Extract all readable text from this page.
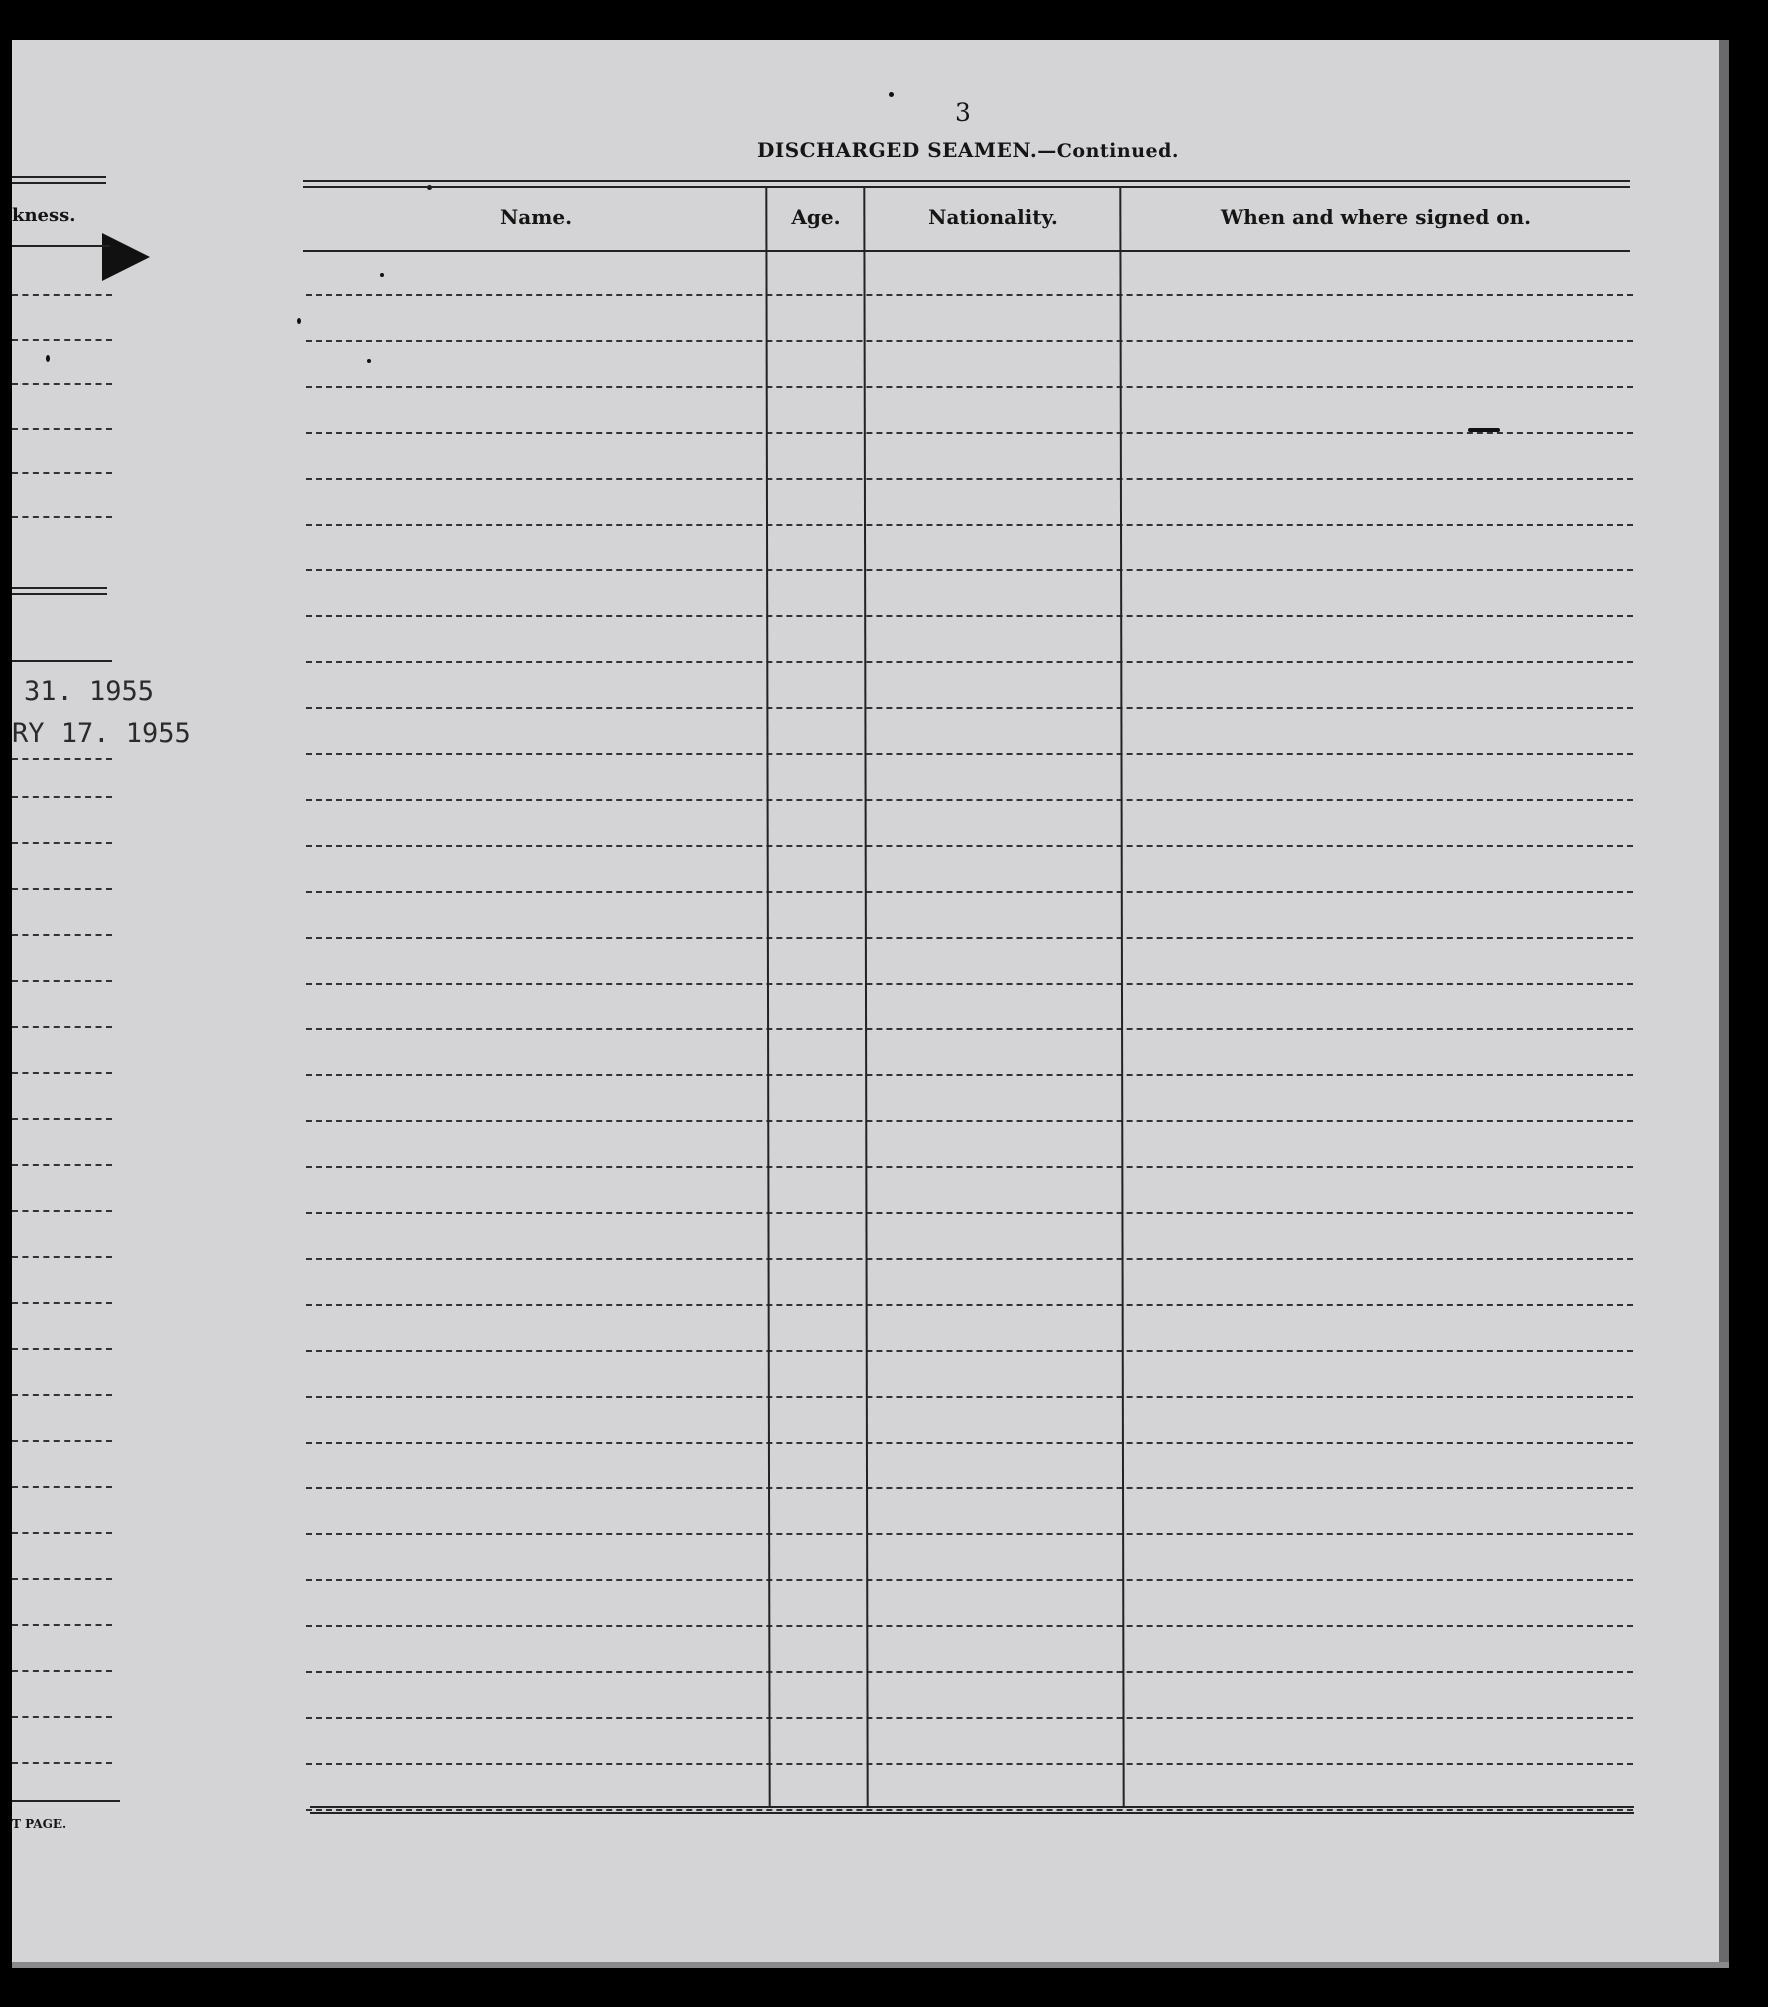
kness.
31. 1955
RY 17. 1955
T PAGE.
3
DISCHARGED SEAMEN.—Continued.
Name.	Age.	Nationality.	When and where signed on.
